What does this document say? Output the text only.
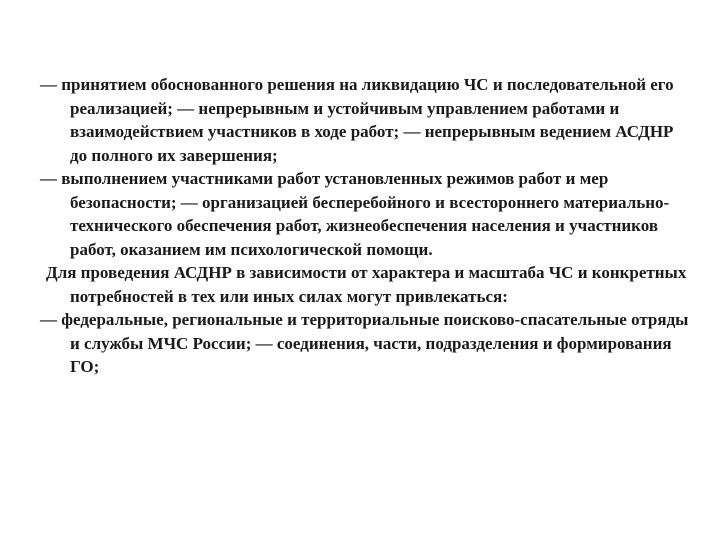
— принятием обоснованного решения на ликвидацию ЧС и последовательной его реализацией; — непрерывным и устойчивым управлением работами и взаимодействием участников в ходе работ; — непрерывным ведением АСДНР до полного их завершения;

— выполнением участниками работ установленных режимов работ и мер безопасности; — организацией бесперебойного и всестороннего материально-технического обеспечения работ, жизнеобеспечения населения и участников работ, оказанием им психологической помощи.

Для проведения АСДНР в зависимости от характера и масштаба ЧС и конкретных потребностей в тех или иных силах могут привлекаться:

— федеральные, региональные и территориальные поисково-спасательные отряды и службы МЧС России; — соединения, части, подразделения и формирования ГО;
